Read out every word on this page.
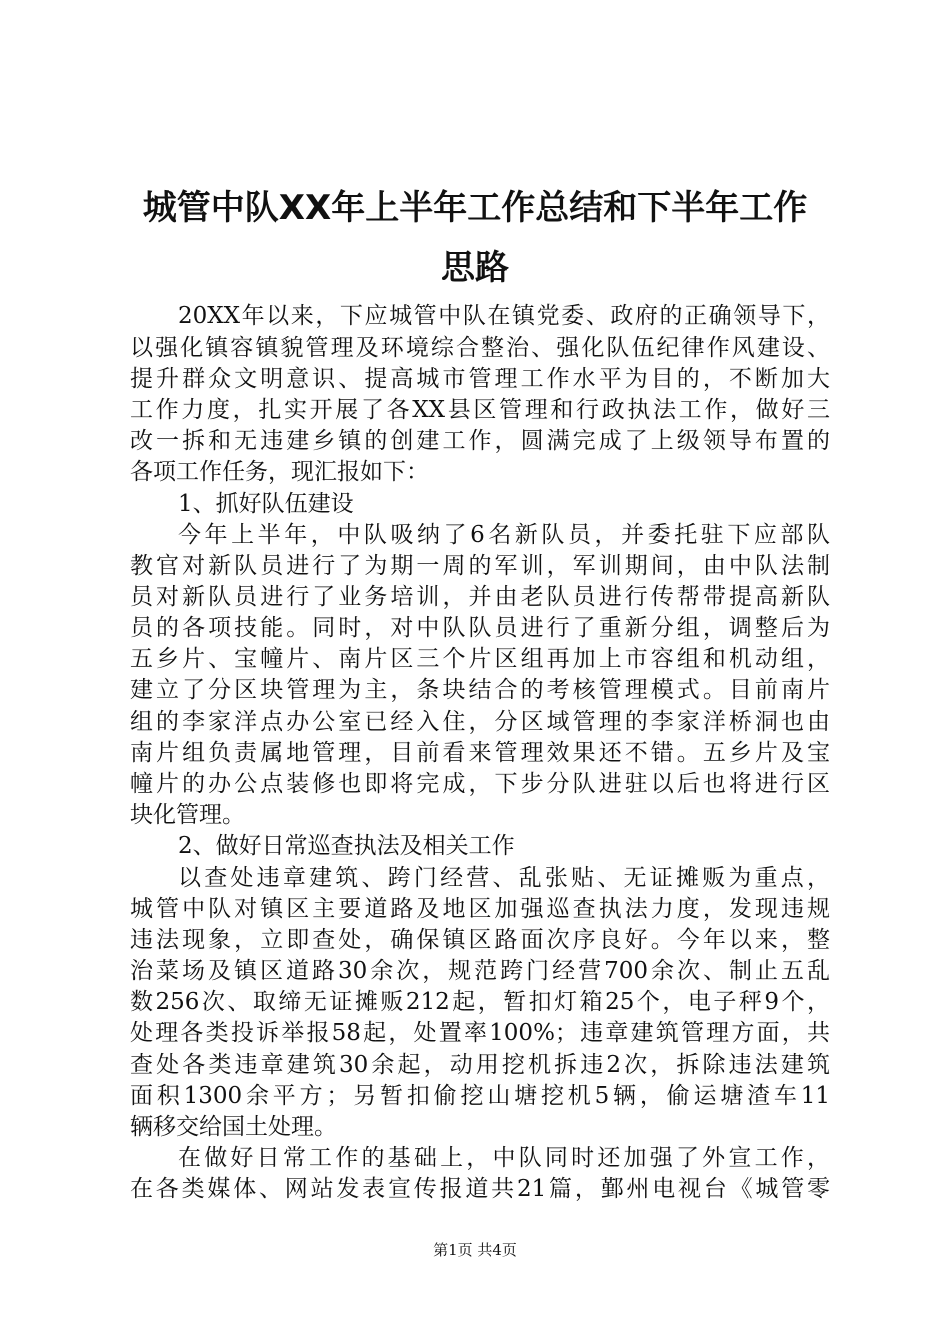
城管中队XX年上半年工作总结和下半年工作
思路
20XX年以来，下应城管中队在镇党委、政府的正确领导下，
以强化镇容镇貌管理及环境综合整治、强化队伍纪律作风建设、
提升群众文明意识、提高城市管理工作水平为目的，不断加大
工作力度，扎实开展了各XX县区管理和行政执法工作，做好三
改一拆和无违建乡镇的创建工作，圆满完成了上级领导布置的
各项工作任务，现汇报如下：
1、抓好队伍建设
今年上半年，中队吸纳了6名新队员，并委托驻下应部队
教官对新队员进行了为期一周的军训，军训期间，由中队法制
员对新队员进行了业务培训，并由老队员进行传帮带提高新队
员的各项技能。同时，对中队队员进行了重新分组，调整后为
五乡片、宝幢片、南片区三个片区组再加上市容组和机动组，
建立了分区块管理为主，条块结合的考核管理模式。目前南片
组的李家洋点办公室已经入住，分区域管理的李家洋桥洞也由
南片组负责属地管理，目前看来管理效果还不错。五乡片及宝
幢片的办公点装修也即将完成，下步分队进驻以后也将进行区
块化管理。
2、做好日常巡查执法及相关工作
以查处违章建筑、跨门经营、乱张贴、无证摊贩为重点，
城管中队对镇区主要道路及地区加强巡查执法力度，发现违规
违法现象，立即查处，确保镇区路面次序良好。今年以来，整
治菜场及镇区道路30余次，规范跨门经营700余次、制止五乱
数256次、取缔无证摊贩212起，暂扣灯箱25个，电子秤9个，
处理各类投诉举报58起，处置率100%；违章建筑管理方面，共
查处各类违章建筑30余起，动用挖机拆违2次，拆除违法建筑
面积1300余平方；另暂扣偷挖山塘挖机5辆，偷运塘渣车11
辆移交给国土处理。
在做好日常工作的基础上，中队同时还加强了外宣工作，
在各类媒体、网站发表宣传报道共21篇，鄞州电视台《城管零
第1页 共4页
